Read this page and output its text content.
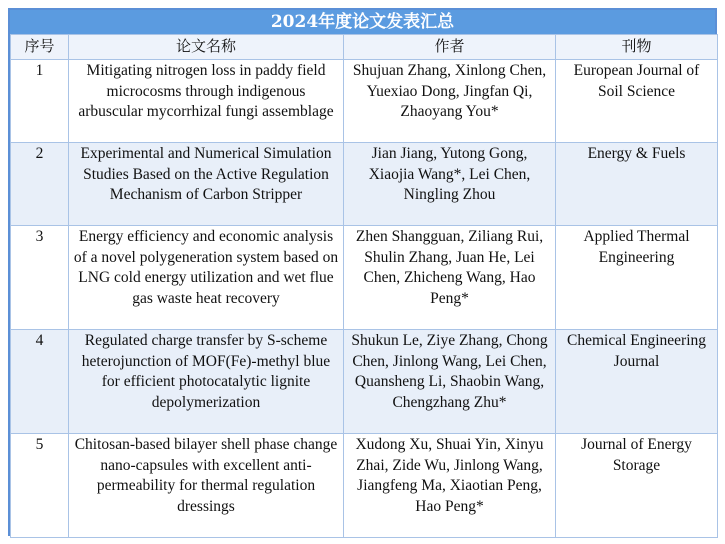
2024年度论文发表汇总
序号	论文名称	作者	刊物
1	Mitigating nitrogen loss in paddy field microcosms through indigenous arbuscular mycorrhizal fungi assemblage	Shujuan Zhang, Xinlong Chen, Yuexiao Dong, Jingfan Qi, Zhaoyang You*	European Journal of Soil Science
2	Experimental and Numerical Simulation Studies Based on the Active Regulation Mechanism of Carbon Stripper	Jian Jiang, Yutong Gong, Xiaojia Wang*, Lei Chen, Ningling Zhou	Energy & Fuels
3	Energy efficiency and economic analysis of a novel polygeneration system based on LNG cold energy utilization and wet flue gas waste heat recovery	Zhen Shangguan, Ziliang Rui, Shulin Zhang, Juan He, Lei Chen, Zhicheng Wang, Hao Peng*	Applied Thermal Engineering
4	Regulated charge transfer by S-scheme heterojunction of MOF(Fe)-methyl blue for efficient photocatalytic lignite depolymerization	Shukun Le, Ziye Zhang, Chong Chen, Jinlong Wang, Lei Chen, Quansheng Li, Shaobin Wang, Chengzhang Zhu*	Chemical Engineering Journal
5	Chitosan-based bilayer shell phase change nano-capsules with excellent anti-permeability for thermal regulation dressings	Xudong Xu, Shuai Yin, Xinyu Zhai, Zide Wu, Jinlong Wang, Jiangfeng Ma, Xiaotian Peng, Hao Peng*	Journal of Energy Storage
